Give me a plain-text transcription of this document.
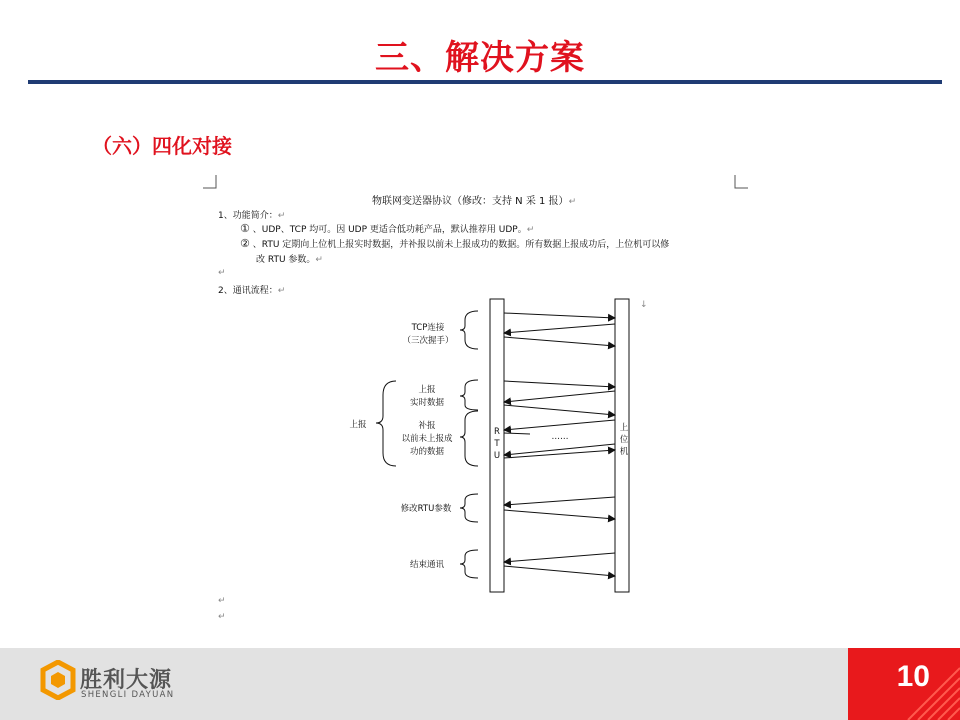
三、解决方案
（六）四化对接
物联网变送器协议（修改：支持 N 采 1 报）↵
1、功能简介：↵
① 、UDP、TCP 均可。因 UDP 更适合低功耗产品，默认推荐用 UDP。↵
② 、RTU 定期向上位机上报实时数据，并补报以前未上报成功的数据。所有数据上报成功后，上位机可以修
改 RTU 参数。↵
↵
2、通讯流程：↵
↓
↵
↵
R
T
U
上
位
机
……
TCP连接
（三次握手）
上报
实时数据
补报
以前未上报成
功的数据
上报
修改RTU参数
结束通讯
胜利大源
SHENGLI DAYUAN
10
